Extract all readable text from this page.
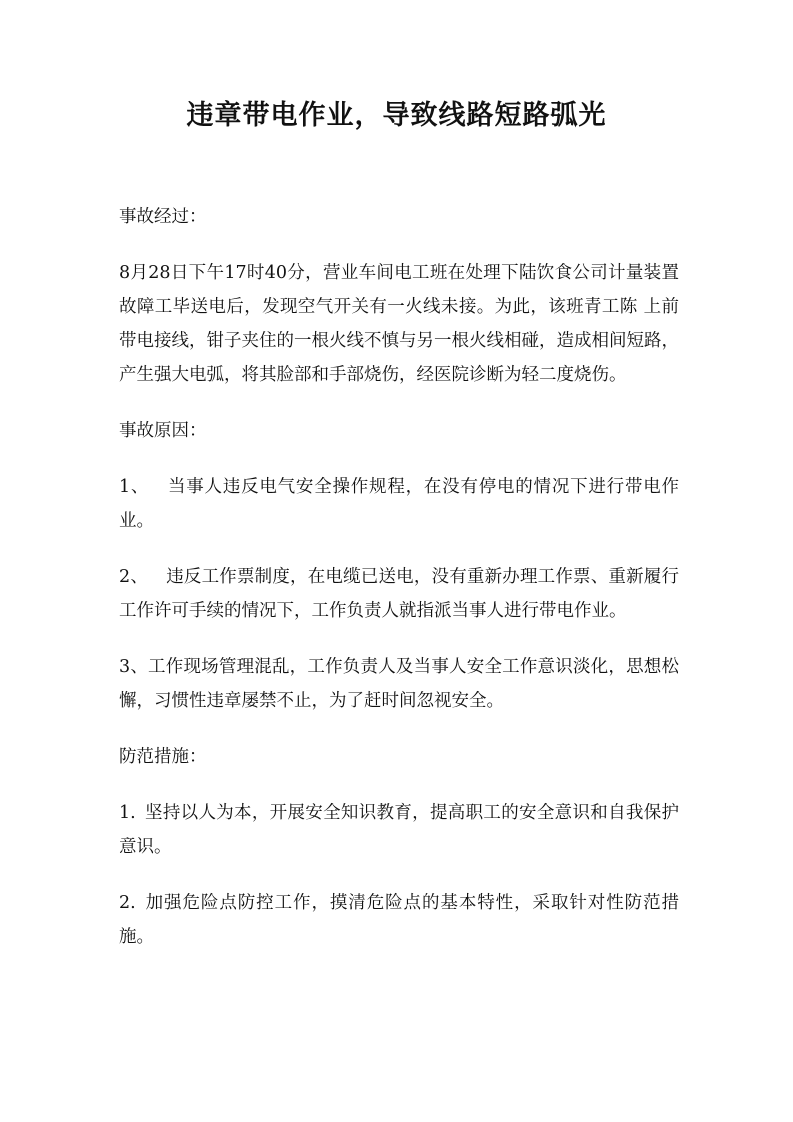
违章带电作业，导致线路短路弧光

事故经过：

8月28日下午17时40分，营业车间电工班在处理下陆饮食公司计量装置故障工毕送电后，发现空气开关有一火线未接。为此，该班青工陈 上前带电接线，钳子夹住的一根火线不慎与另一根火线相碰，造成相间短路，产生强大电弧，将其脸部和手部烧伤，经医院诊断为轻二度烧伤。

事故原因：

1、 当事人违反电气安全操作规程，在没有停电的情况下进行带电作业。

2、 违反工作票制度，在电缆已送电，没有重新办理工作票、重新履行工作许可手续的情况下，工作负责人就指派当事人进行带电作业。

3、工作现场管理混乱，工作负责人及当事人安全工作意识淡化，思想松懈，习惯性违章屡禁不止，为了赶时间忽视安全。

防范措施：

1. 坚持以人为本，开展安全知识教育，提高职工的安全意识和自我保护意识。

2. 加强危险点防控工作，摸清危险点的基本特性，采取针对性防范措施。
